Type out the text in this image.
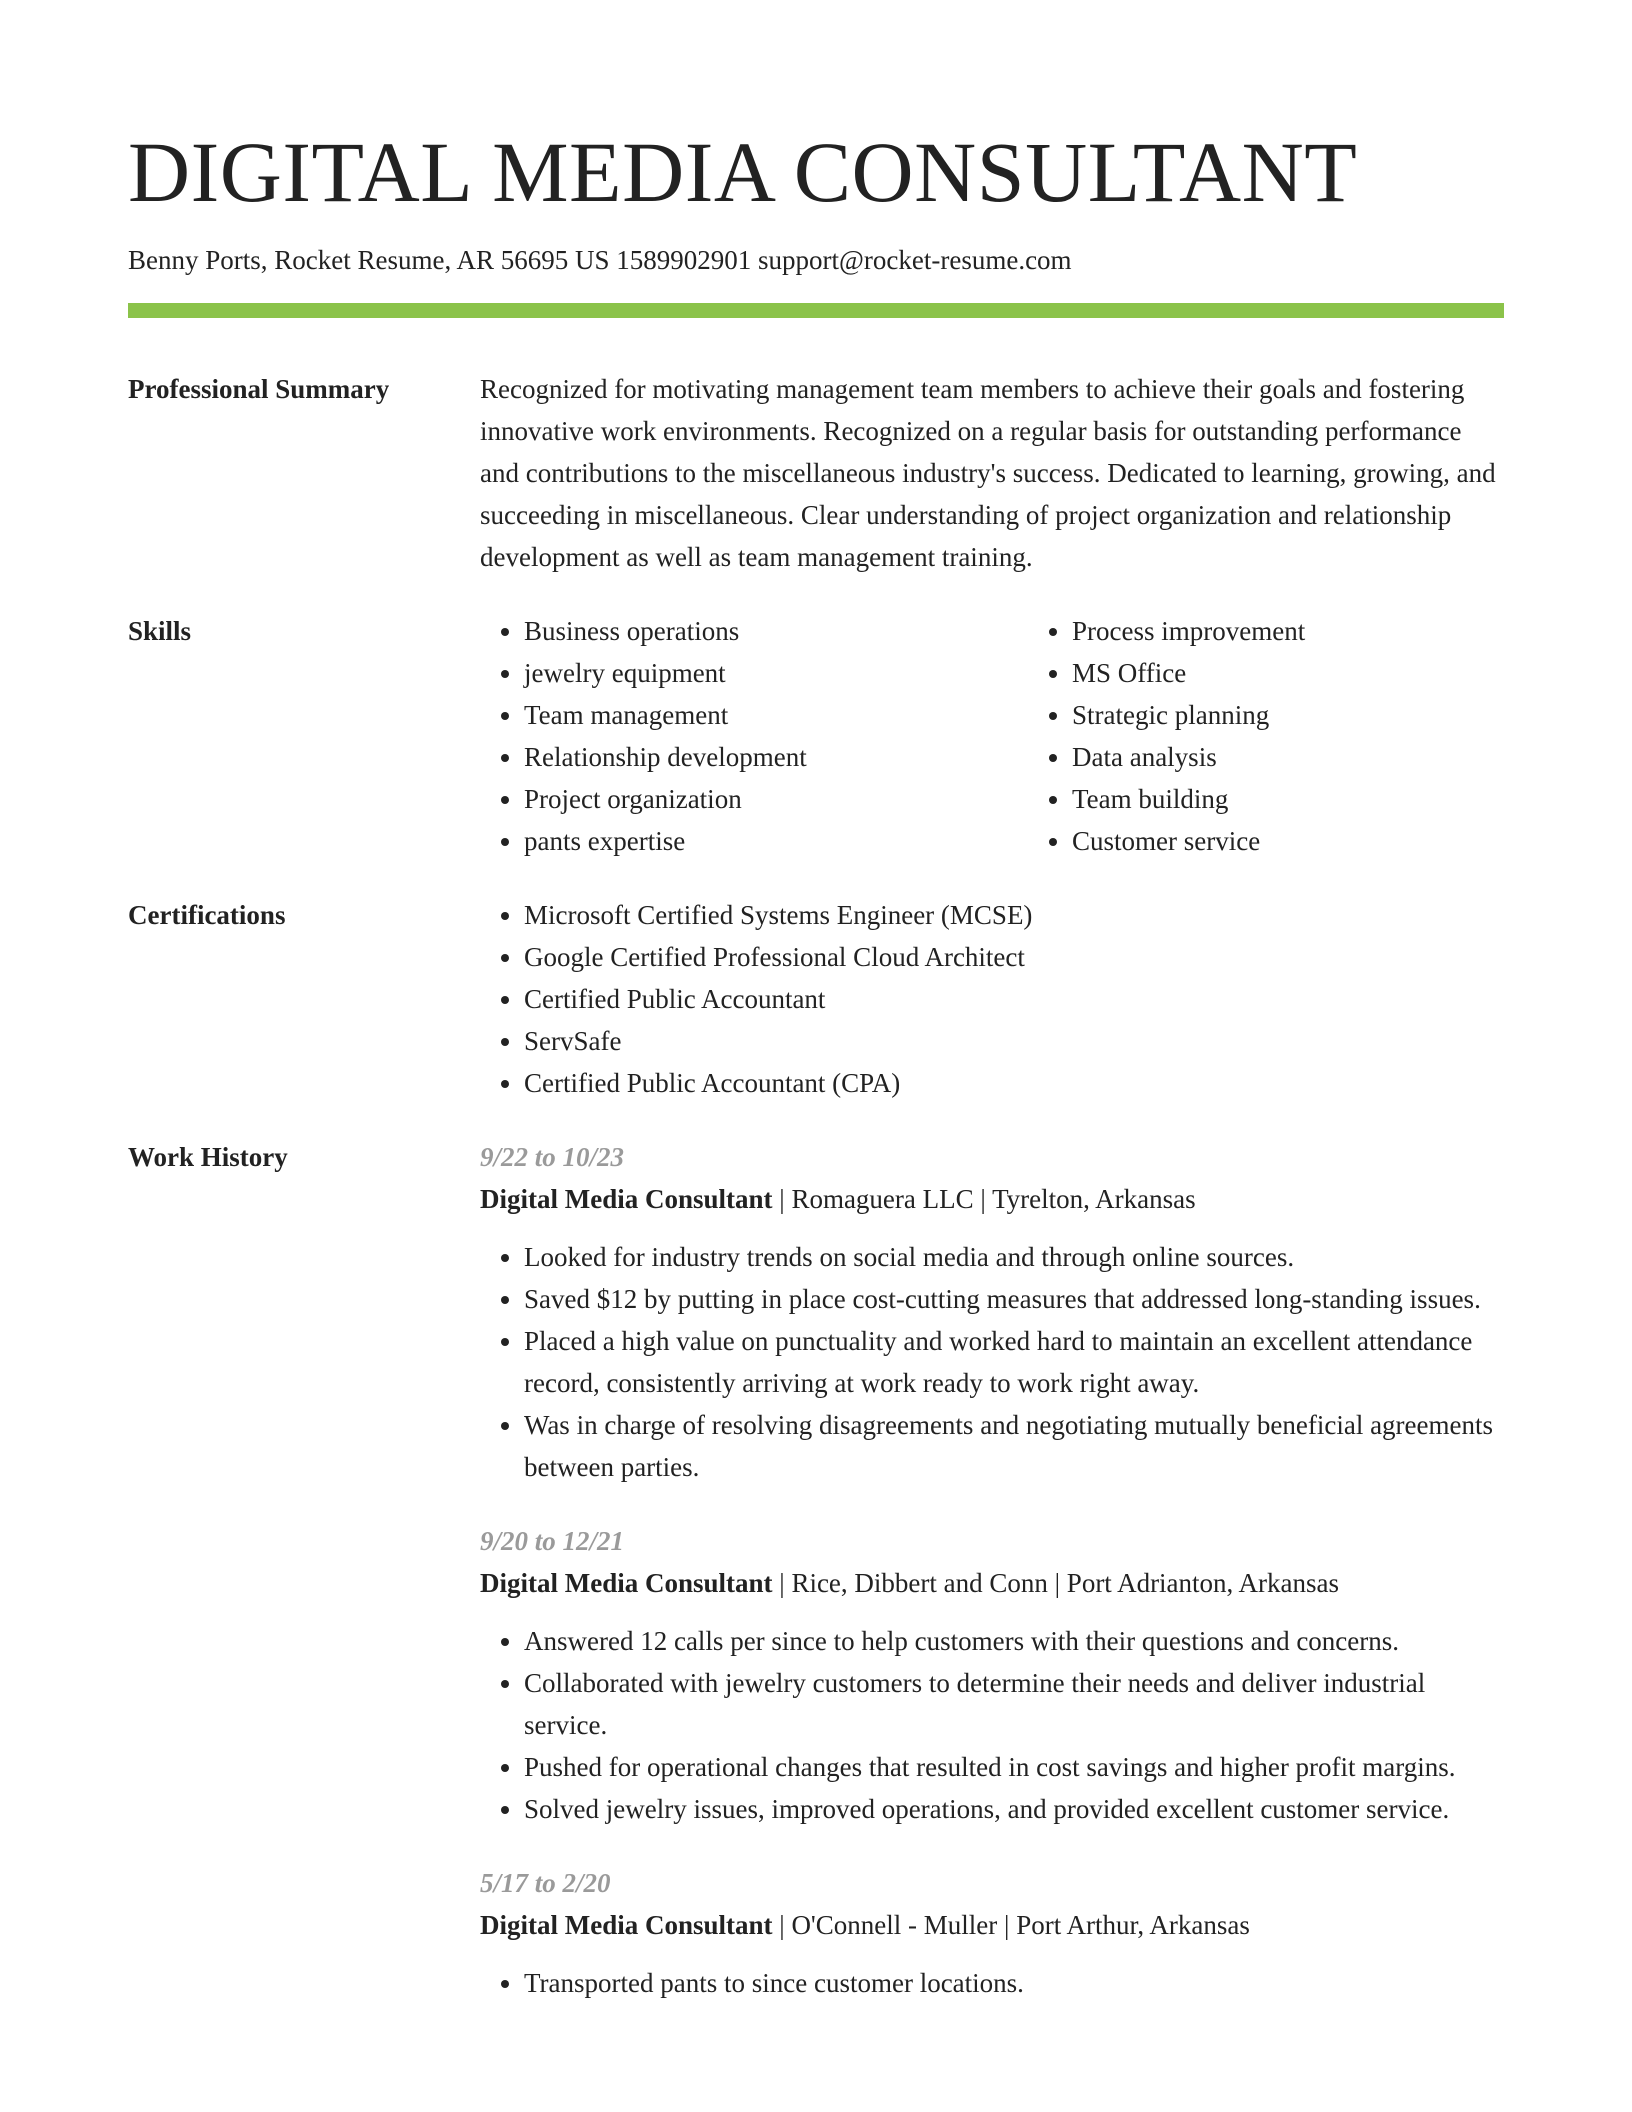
DIGITAL MEDIA CONSULTANT
Benny Ports, Rocket Resume, AR 56695 US 1589902901 support@rocket-resume.com
Professional Summary	Recognized for motivating management team members to achieve their goals and fostering innovative work environments. Recognized on a regular basis for outstanding performance and contributions to the miscellaneous industry's success. Dedicated to learning, growing, and succeeding in miscellaneous. Clear understanding of project organization and relationship development as well as team management training.

Skills	• Business operations
• jewelry equipment
• Team management
• Relationship development
• Project organization
• pants expertise
• Process improvement
• MS Office
• Strategic planning
• Data analysis
• Team building
• Customer service
Certifications	• Microsoft Certified Systems Engineer (MCSE)
• Google Certified Professional Cloud Architect
• Certified Public Accountant
• ServSafe
• Certified Public Accountant (CPA)
Work History	9/22 to 10/23
Digital Media Consultant | Romaguera LLC | Tyrelton, Arkansas
• Looked for industry trends on social media and through online sources.
• Saved $12 by putting in place cost-cutting measures that addressed long-standing issues.
• Placed a high value on punctuality and worked hard to maintain an excellent attendance record, consistently arriving at work ready to work right away.
• Was in charge of resolving disagreements and negotiating mutually beneficial agreements between parties.
9/20 to 12/21
Digital Media Consultant | Rice, Dibbert and Conn | Port Adrianton, Arkansas
• Answered 12 calls per since to help customers with their questions and concerns.
• Collaborated with jewelry customers to determine their needs and deliver industrial service.
• Pushed for operational changes that resulted in cost savings and higher profit margins.
• Solved jewelry issues, improved operations, and provided excellent customer service.
5/17 to 2/20
Digital Media Consultant | O'Connell - Muller | Port Arthur, Arkansas
• Transported pants to since customer locations.
